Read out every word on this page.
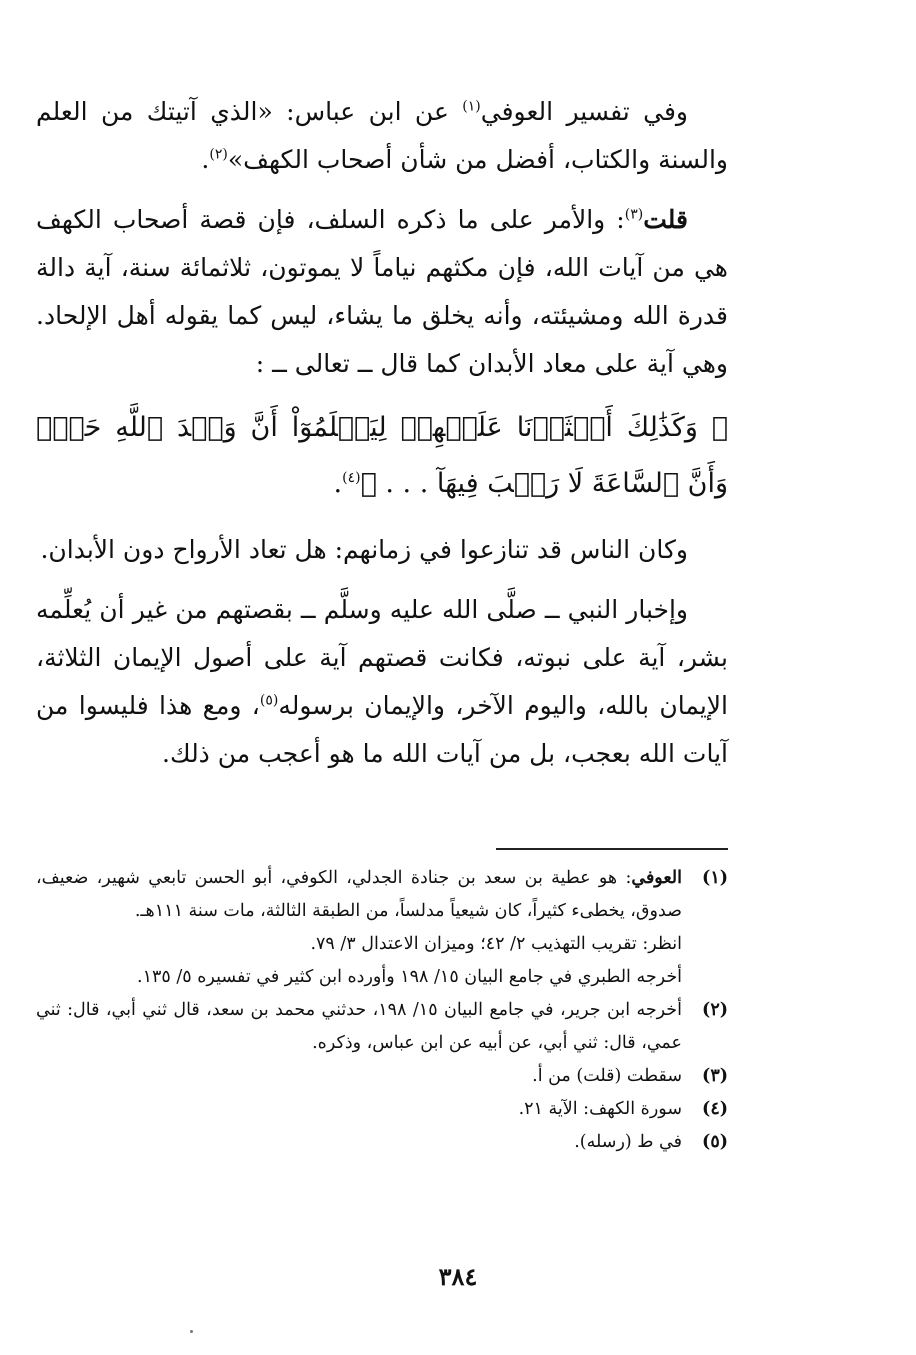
وفي تفسير العوفي$^{(١)}$ عن ابن عباس: «الذي آتيتك من العلم والسنة والكتاب، أفضل من شأن أصحاب الكهف»$^{(٢)}$.

قلت$^{(٣)}$: والأمر على ما ذكره السلف، فإن قصة أصحاب الكهف هي من آيات الله، فإن مكثهم نياماً لا يموتون، ثلاثمائة سنة، آية دالة قدرة الله ومشيئته، وأنه يخلق ما يشاء، ليس كما يقوله أهل الإلحاد. وهي آية على معاد الأبدان كما قال ــ تعالى ــ :

﴿ وَكَذَٰلِكَ أَعۡثَرۡنَا عَلَيۡهِمۡ لِيَعۡلَمُوٓاْ أَنَّ وَعۡدَ ٱللَّهِ حَقّٞ وَأَنَّ ٱلسَّاعَةَ لَا رَيۡبَ فِيهَآ . . . ﴾$^{(٤)}$.

وكان الناس قد تنازعوا في زمانهم: هل تعاد الأرواح دون الأبدان.

وإخبار النبي ــ صلَّى الله عليه وسلَّم ــ بقصتهم من غير أن يُعلِّمه بشر، آية على نبوته، فكانت قصتهم آية على أصول الإيمان الثلاثة، الإيمان بالله، واليوم الآخر، والإيمان برسوله$^{(٥)}$، ومع هذا فليسوا من آيات الله بعجب، بل من آيات الله ما هو أعجب من ذلك.

(١)
العوفي: هو عطية بن سعد بن جنادة الجدلي، الكوفي، أبو الحسن تابعي شهير، ضعيف، صدوق، يخطىء كثيراً، كان شيعياً مدلساً، من الطبقة الثالثة، مات سنة ١١١هـ.
انظر: تقريب التهذيب ٢/ ٤٢؛ وميزان الاعتدال ٣/ ٧٩.
أخرجه الطبري في جامع البيان ١٥/ ١٩٨ وأورده ابن كثير في تفسيره ٥/ ١٣٥.
(٢)
أخرجه ابن جرير، في جامع البيان ١٥/ ١٩٨، حدثني محمد بن سعد، قال ثني أبي، قال: ثني عمي، قال: ثني أبي، عن أبيه عن ابن عباس، وذكره.
(٣)
سقطت (قلت) من أ.
(٤)
سورة الكهف: الآية ٢١.
(٥)
في ط (رسله).
٣٨٤
